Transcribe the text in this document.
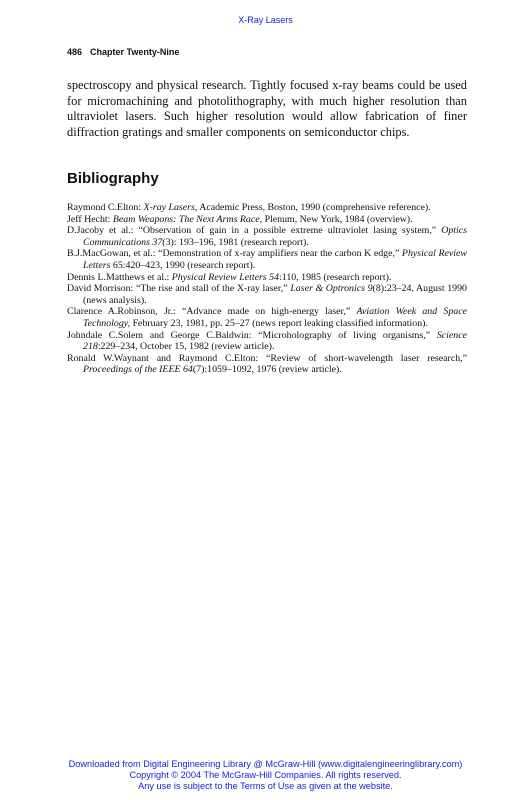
X-Ray Lasers
486 Chapter Twenty-Nine

spectroscopy and physical research. Tightly focused x-ray beams could be used for micromachining and photolithography, with much higher resolution than ultraviolet lasers. Such higher resolution would allow fabrication of finer diffraction gratings and smaller components on semiconductor chips.

Bibliography
Raymond C.Elton: X-ray Lasers, Academic Press, Boston, 1990 (comprehensive reference).
Jeff Hecht: Beam Weapons: The Next Arms Race, Plenum, New York, 1984 (overview).
D.Jacoby et al.: “Observation of gain in a possible extreme ultraviolet lasing system,” Optics Communications 37(3): 193–196, 1981 (research report).
B.J.MacGowan, et al.: “Demonstration of x-ray amplifiers near the carbon K edge,” Physical Review Letters 65:420–423, 1990 (research report).
Dennis L.Matthews et al.: Physical Review Letters 54:110, 1985 (research report).
David Morrison: “The rise and stall of the X-ray laser,” Laser & Optronics 9(8):23–24, August 1990 (news analysis).
Clarence A.Robinson, Jr.: “Advance made on high-energy laser,” Aviation Week and Space Technology, February 23, 1981, pp. 25–27 (news report leaking classified information).
Johndale C.Solem and George C.Baldwin: “Microholography of living organisms,” Science 218:229–234, October 15, 1982 (review article).
Ronald W.Waynant and Raymond C.Elton: “Review of short-wavelength laser research,” Proceedings of the IEEE 64(7):1059–1092, 1976 (review article).
Downloaded from Digital Engineering Library @ McGraw-Hill (www.digitalengineeringlibrary.com)
Copyright © 2004 The McGraw-Hill Companies. All rights reserved.
Any use is subject to the Terms of Use as given at the website.
